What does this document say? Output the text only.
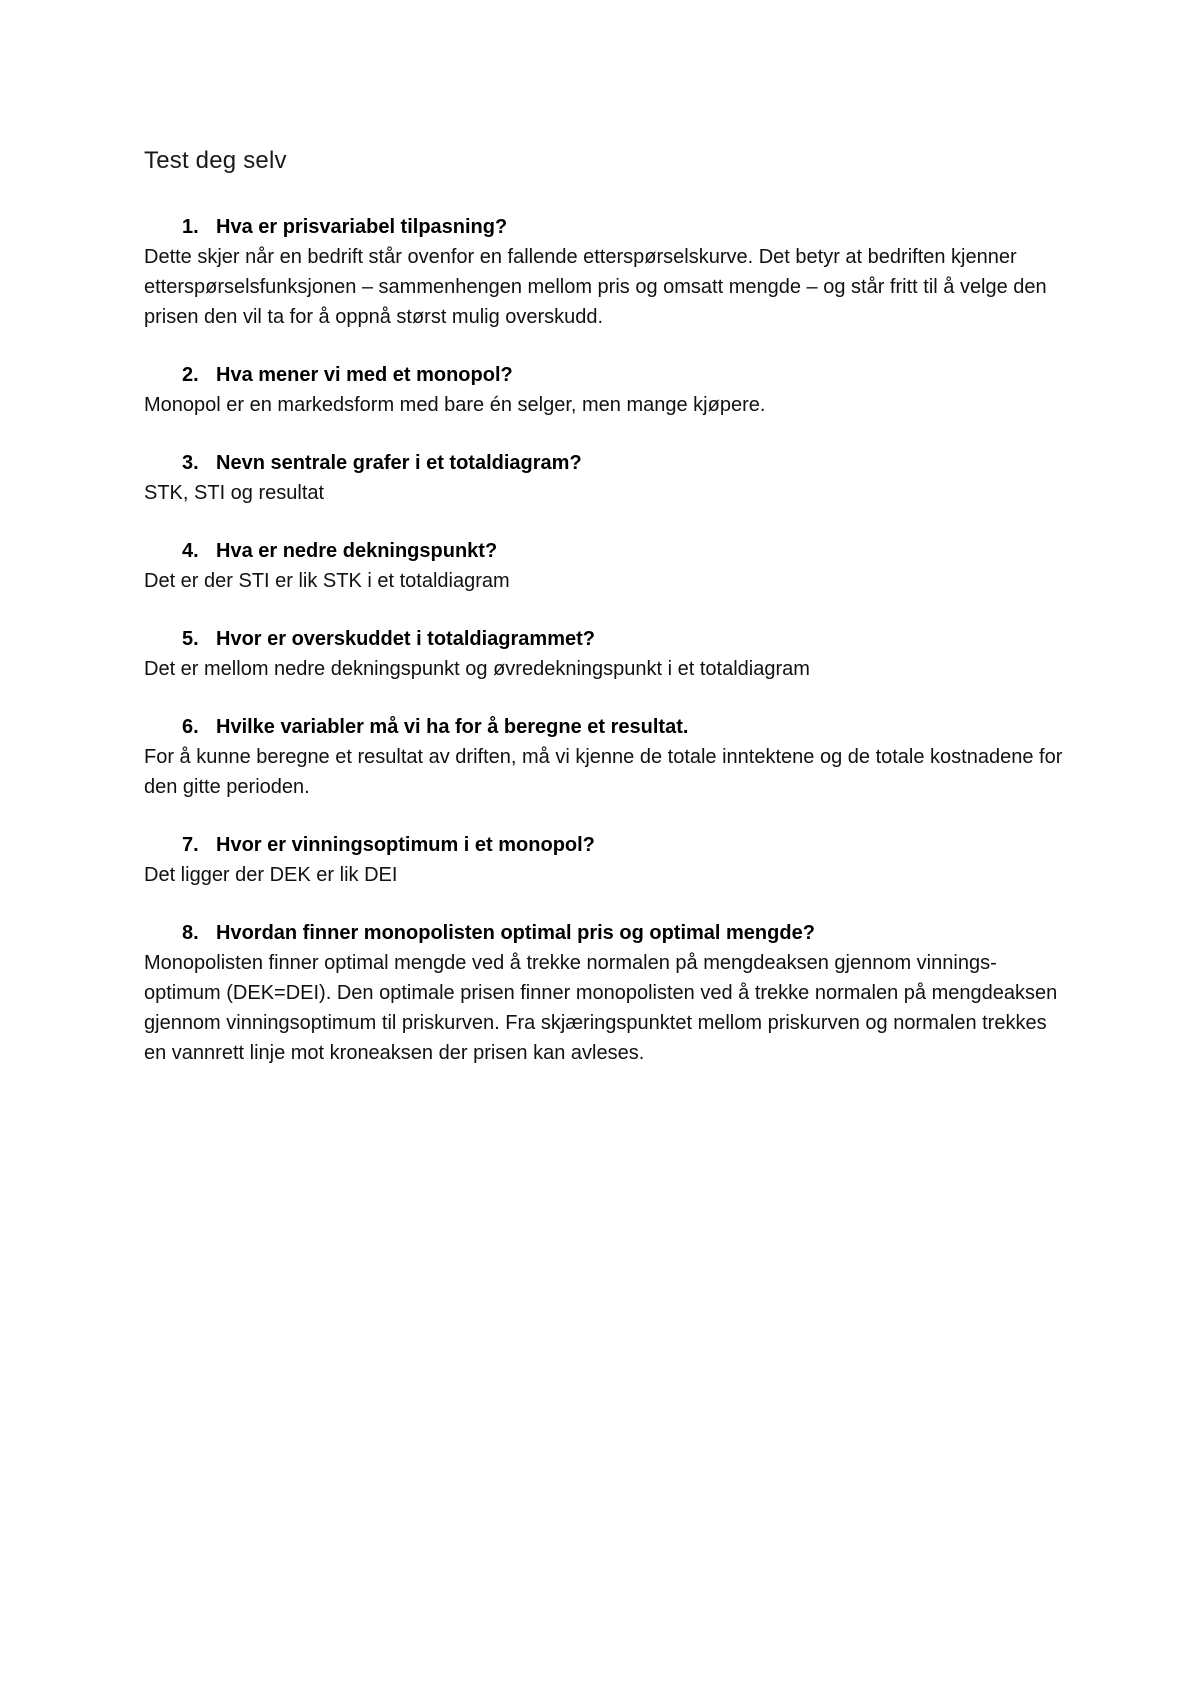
Test deg selv
1. Hva er prisvariabel tilpasning?

Dette skjer når en bedrift står ovenfor en fallende etterspørselskurve. Det betyr at bedriften kjenner etterspørselsfunksjonen – sammenhengen mellom pris og omsatt mengde – og står fritt til å velge den prisen den vil ta for å oppnå størst mulig overskudd.

2. Hva mener vi med et monopol?

Monopol er en markedsform med bare én selger, men mange kjøpere.

3. Nevn sentrale grafer i et totaldiagram?

STK, STI og resultat

4. Hva er nedre dekningspunkt?

Det er der STI er lik STK i et totaldiagram

5. Hvor er overskuddet i totaldiagrammet?

Det er mellom nedre dekningspunkt og øvredekningspunkt i et totaldiagram

6. Hvilke variabler må vi ha for å beregne et resultat.

For å kunne beregne et resultat av driften, må vi kjenne de totale inntektene og de totale kostnadene for den gitte perioden.

7. Hvor er vinningsoptimum i et monopol?

Det ligger der DEK er lik DEI

8. Hvordan finner monopolisten optimal pris og optimal mengde?

Monopolisten finner optimal mengde ved å trekke normalen på mengdeaksen gjennom vinnings- optimum (DEK=DEI). Den optimale prisen finner monopolisten ved å trekke normalen på mengdeaksen gjennom vinningsoptimum til priskurven. Fra skjæringspunktet mellom priskurven og normalen trekkes en vannrett linje mot kroneaksen der prisen kan avleses.
